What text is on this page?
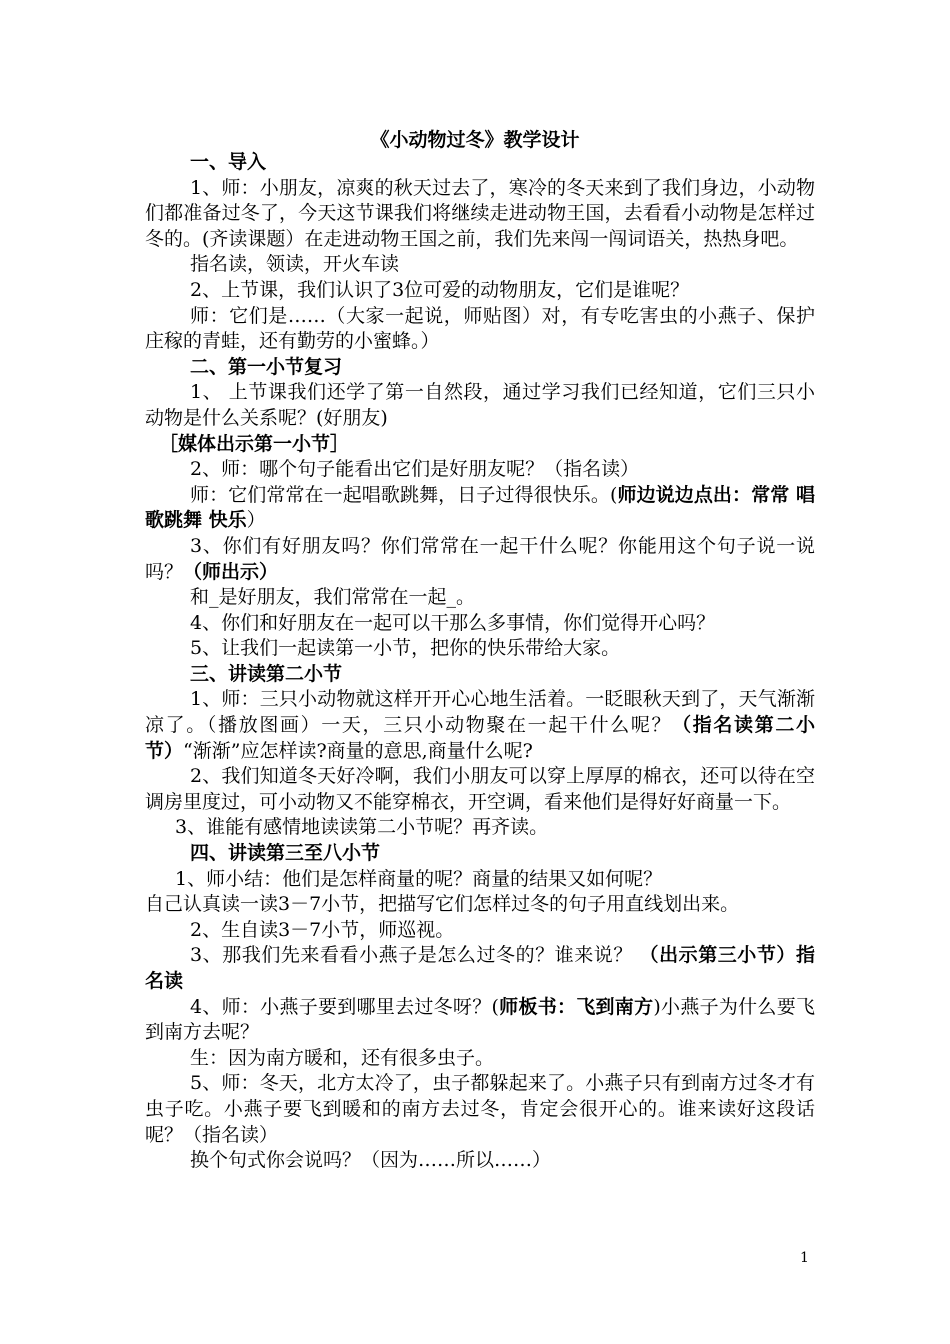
《小动物过冬》教学设计

一、导入

1、师：小朋友，凉爽的秋天过去了，寒冷的冬天来到了我们身边，小动物们都准备过冬了，今天这节课我们将继续走进动物王国，去看看小动物是怎样过冬的。(齐读课题）在走进动物王国之前，我们先来闯一闯词语关，热热身吧。

指名读，领读，开火车读

2、上节课，我们认识了3位可爱的动物朋友，它们是谁呢？

师：它们是……（大家一起说，师贴图）对，有专吃害虫的小燕子、保护庄稼的青蛙，还有勤劳的小蜜蜂。）

二、第一小节复习

1、 上节课我们还学了第一自然段，通过学习我们已经知道，它们三只小动物是什么关系呢？(好朋友)

［媒体出示第一小节］

2、师：哪个句子能看出它们是好朋友呢？（指名读）

师：它们常常在一起唱歌跳舞，日子过得很快乐。(师边说边点出：常常 唱歌跳舞 快乐）

3、你们有好朋友吗？你们常常在一起干什么呢？你能用这个句子说一说吗？（师出示）

和_是好朋友，我们常常在一起_。

4、你们和好朋友在一起可以干那么多事情，你们觉得开心吗？

5、让我们一起读第一小节，把你的快乐带给大家。

三、讲读第二小节

1、师：三只小动物就这样开开心心地生活着。一眨眼秋天到了，天气渐渐凉了。（播放图画）一天，三只小动物聚在一起干什么呢？（指名读第二小节）“渐渐”应怎样读?商量的意思,商量什么呢?

2、我们知道冬天好冷啊，我们小朋友可以穿上厚厚的棉衣，还可以待在空调房里度过，可小动物又不能穿棉衣，开空调，看来他们是得好好商量一下。

3、谁能有感情地读读第二小节呢？再齐读。

四、讲读第三至八小节

1、师小结：他们是怎样商量的呢？商量的结果又如何呢？

自己认真读一读3－7小节，把描写它们怎样过冬的句子用直线划出来。

2、生自读3－7小节，师巡视。

3、那我们先来看看小燕子是怎么过冬的？谁来说？ （出示第三小节）指名读

4、师：小燕子要到哪里去过冬呀？(师板书：飞到南方)小燕子为什么要飞到南方去呢？

生：因为南方暖和，还有很多虫子。

5、师：冬天，北方太冷了，虫子都躲起来了。小燕子只有到南方过冬才有虫子吃。小燕子要飞到暖和的南方去过冬，肯定会很开心的。谁来读好这段话呢？（指名读）

换个句式你会说吗？（因为……所以……）

1
